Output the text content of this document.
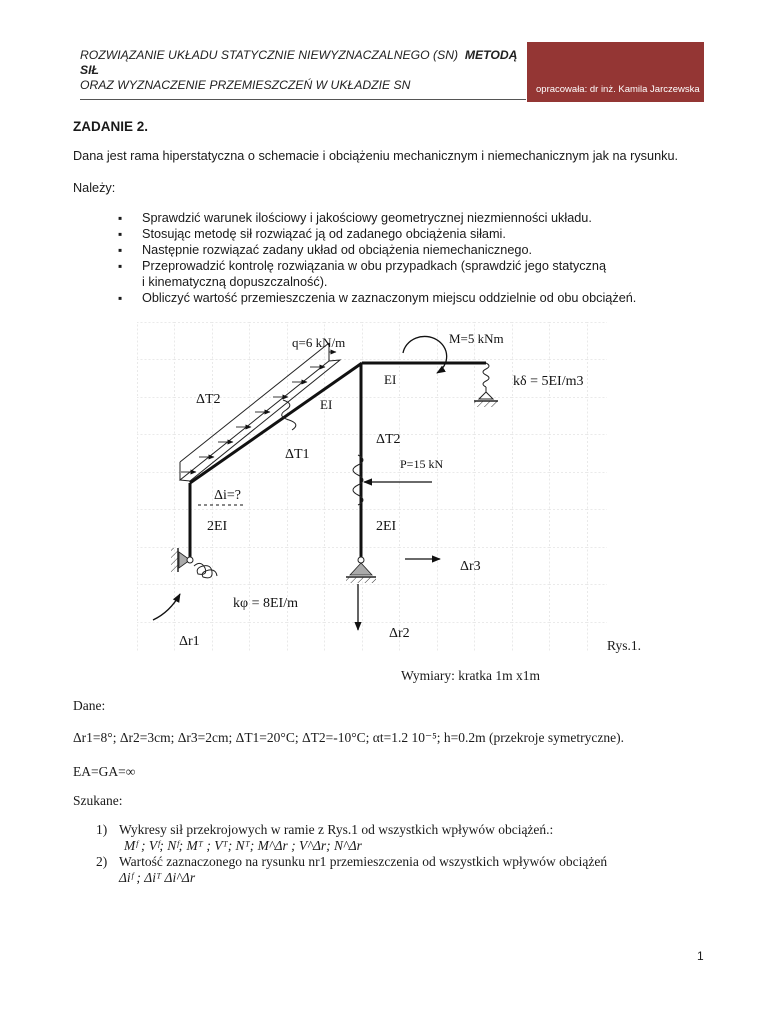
ROZWIĄZANIE UKŁADU STATYCZNIE NIEWYZNACZALNEGO (SN) METODĄ
SIŁ
ORAZ WYZNACZENIE PRZEMIESZCZEŃ W UKŁADZIE SN	opracowała: dr inż. Kamila Jarczewska
ZADANIE 2.
Dana jest rama hiperstatyczna o schemacie i obciążeniu mechanicznym i niemechanicznym jak na rysunku.
Należy:
▪ Sprawdzić warunek ilościowy i jakościowy geometrycznej niezmienności układu.
▪ Stosując metodę sił rozwiązać ją od zadanego obciążenia siłami.
▪ Następnie rozwiązać zadany układ od obciążenia niemechanicznego.
▪ Przeprowadzić kontrolę rozwiązania w obu przypadkach (sprawdzić jego statyczną
i kinematyczną dopuszczalność).
▪ Obliczyć wartość przemieszczenia w zaznaczonym miejscu oddzielnie od obu obciążeń.
q=6 kN/m	M=5 kNm
EI
EI
kδ = 5EI/m3
ΔT2
ΔT1
ΔT2
P=15 kN
Δi=?
2EI	2EI
Δr3
kφ = 8EI/m
Δr2
Δr1	Rys.1.
Wymiary: kratka 1m x1m
Dane:
Δr1=8°; Δr2=3cm; Δr3=2cm; ΔT1=20°C; ΔT2=-10°C; αt=1.2 10⁻⁵; h=0.2m (przekroje symetryczne).
EA=GA=∞
Szukane:
1) Wykresy sił przekrojowych w ramie z Rys.1 od wszystkich wpływów obciążeń.:
Mᶠ ; Vᶠ; Nᶠ; Mᵀ ; Vᵀ; Nᵀ; M^Δr ; V^Δr; N^Δr
2) Wartość zaznaczonego na rysunku nr1 przemieszczenia od wszystkich wpływów obciążeń
Δiᶠ ; Δiᵀ Δi^Δr
1
